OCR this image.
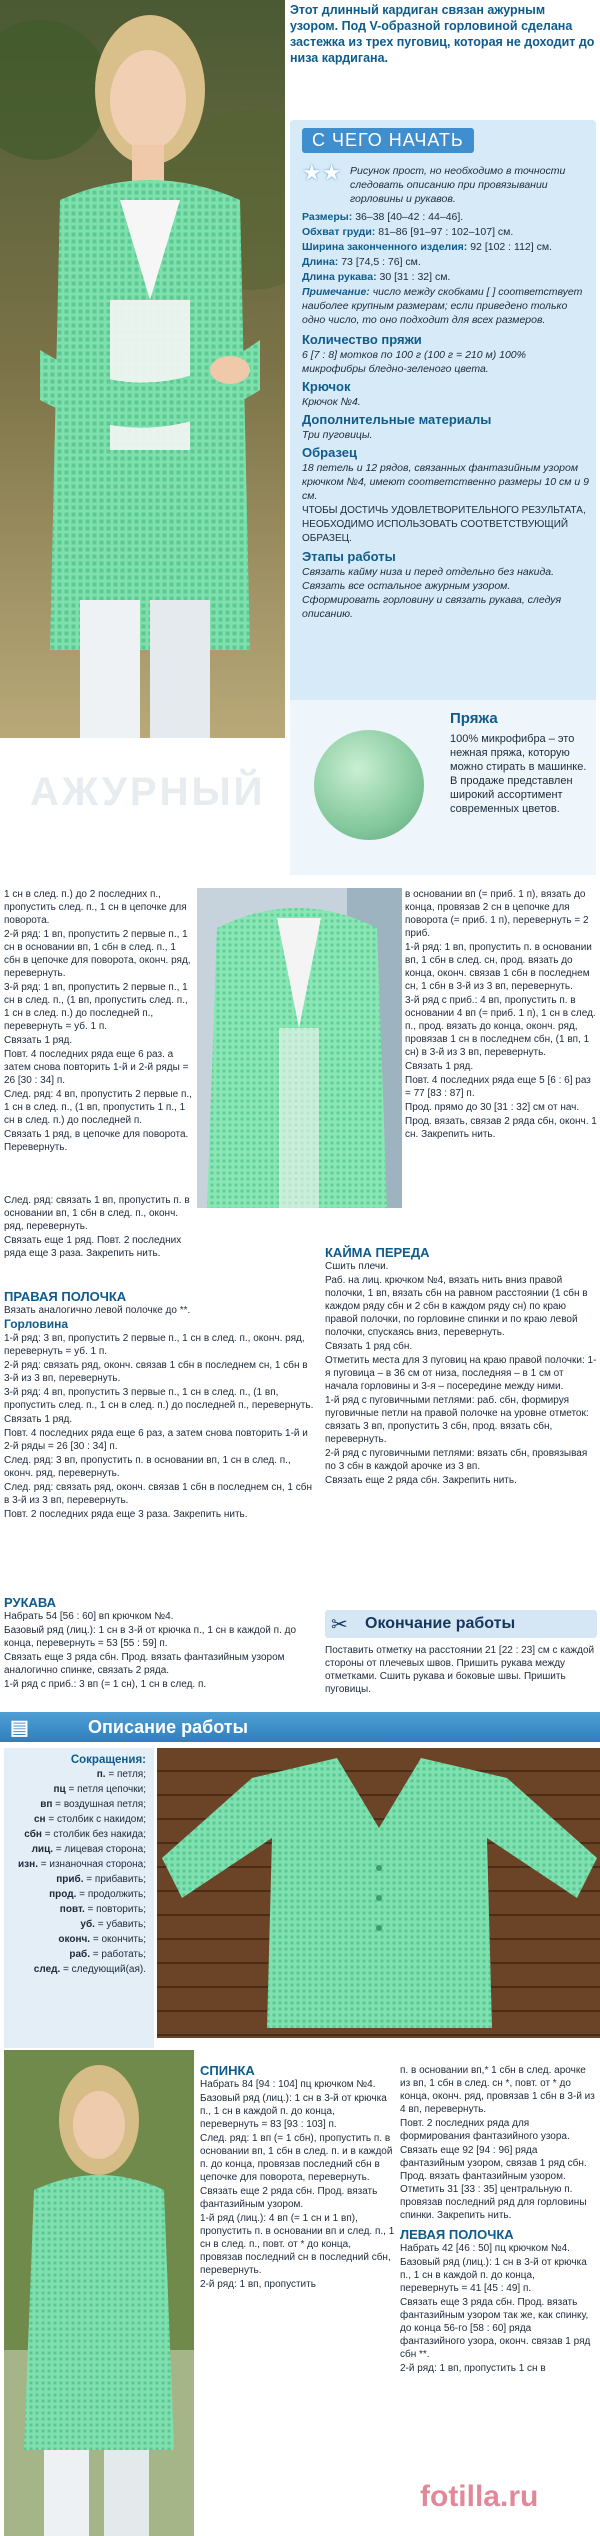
Этот длинный кардиган связан ажурным узором. Под V-образной горловиной сделана застежка из трех пуговиц, которая не доходит до низа кардигана.
С ЧЕГО НАЧАТЬ
★★ Рисунок прост, но необходимо в точности следовать описанию при провязывании горловины и рукавов.

Размеры: 36–38 [40–42 : 44–46].

Обхват груди: 81–86 [91–97 : 102–107] см.

Ширина законченного изделия: 92 [102 : 112] см.

Длина: 73 [74,5 : 76] см.

Длина рукава: 30 [31 : 32] см.

Примечание: число между скобками [ ] соответствует наиболее крупным размерам; если приведено только одно число, то оно подходит для всех размеров.

Количество пряжи

6 [7 : 8] мотков по 100 г (100 г = 210 м) 100% микрофибры бледно-зеленого цвета.

Крючок

Крючок №4.

Дополнительные материалы

Три пуговицы.

Образец

18 петель и 12 рядов, связанных фантазийным узором крючком №4, имеют соответственно размеры 10 см и 9 см.

ЧТОБЫ ДОСТИЧЬ УДОВЛЕТВОРИТЕЛЬНОГО РЕЗУЛЬТАТА, НЕОБХОДИМО ИСПОЛЬЗОВАТЬ СООТВЕТСТВУЮЩИЙ ОБРАЗЕЦ.

Этапы работы

Связать кайму низа и перед отдельно без накида. Связать все остальное ажурным узором. Сформировать горловину и связать рукава, следуя описанию.

Пряжа
100% микрофибра – это нежная пряжа, которую можно стирать в машинке. В продаже представлен широкий ассортимент современных цветов.
АЖУРНЫЙ

1 сн в след. п.) до 2 последних п., пропустить след. п., 1 сн в цепочке для поворота.

2-й ряд: 1 вп, пропустить 2 первые п., 1 сн в основании вп, 1 сбн в след. п., 1 сбн в цепочке для поворота, оконч. ряд, перевернуть.

3-й ряд: 1 вп, пропустить 2 первые п., 1 сн в след. п., (1 вп, пропустить след. п., 1 сн в след. п.) до последней п., перевернуть = уб. 1 п.

Связать 1 ряд.

Повт. 4 последних ряда еще 6 раз. а затем снова повторить 1-й и 2-й ряды = 26 [30 : 34] п.

След. ряд: 4 вп, пропустить 2 первые п., 1 сн в след. п., (1 вп, пропустить 1 п., 1 сн в след. п.) до последней п.

Связать 1 ряд, в цепочке для поворота. Перевернуть.

След. ряд: связать 1 вп, пропустить п. в основании вп, 1 сбн в след. п., оконч. ряд, перевернуть.

Связать еще 1 ряд. Повт. 2 последних ряда еще 3 раза. Закрепить нить.

в основании вп (= приб. 1 п), вязать до конца, провязав 2 сн в цепочке для поворота (= приб. 1 п), перевернуть = 2 приб.

1-й ряд: 1 вп, пропустить п. в основании вп, 1 сбн в след. сн, прод. вязать до конца, оконч. связав 1 сбн в последнем сн, 1 сбн в 3-й из 3 вп, перевернуть.

3-й ряд с приб.: 4 вп, пропустить п. в основании 4 вп (= приб. 1 п), 1 сн в след. п., прод. вязать до конца, оконч. ряд, провязав 1 сн в последнем сбн, (1 вп, 1 сн) в 3-й из 3 вп, перевернуть.

Связать 1 ряд.

Повт. 4 последних ряда еще 5 [6 : 6] раз = 77 [83 : 87] п.

Прод. прямо до 30 [31 : 32] см от нач.

Прод. вязать, связав 2 ряда сбн, оконч. 1 сн. Закрепить нить.

ПРАВАЯ ПОЛОЧКА

Вязать аналогично левой полочке до **.

Горловина

1-й ряд: 3 вп, пропустить 2 первые п., 1 сн в след. п., оконч. ряд, перевернуть = уб. 1 п.

2-й ряд: связать ряд, оконч. связав 1 сбн в последнем сн, 1 сбн в 3-й из 3 вп, перевернуть.

3-й ряд: 4 вп, пропустить 3 первые п., 1 сн в след. п., (1 вп, пропустить след. п., 1 сн в след. п.) до последней п., перевернуть.

Связать 1 ряд.

Повт. 4 последних ряда еще 6 раз, а затем снова повторить 1-й и 2-й ряды = 26 [30 : 34] п.

След. ряд: 3 вп, пропустить п. в основании вп, 1 сн в след. п., оконч. ряд, перевернуть.

След. ряд: связать ряд, оконч. связав 1 сбн в последнем сн, 1 сбн в 3-й из 3 вп, перевернуть.

Повт. 2 последних ряда еще 3 раза. Закрепить нить.

РУКАВА

Набрать 54 [56 : 60] вп крючком №4.

Базовый ряд (лиц.): 1 сн в 3-й от крючка п., 1 сн в каждой п. до конца, перевернуть = 53 [55 : 59] п.

Связать еще 3 ряда сбн. Прод. вязать фантазийным узором аналогично спинке, связать 2 ряда.

1-й ряд с приб.: 3 вп (= 1 сн), 1 сн в след. п.

КАЙМА ПЕРЕДА

Сшить плечи.

Раб. на лиц. крючком №4, вязать нить вниз правой полочки, 1 вп, вязать сбн на равном расстоянии (1 сбн в каждом ряду сбн и 2 сбн в каждом ряду сн) по краю правой полочки, по горловине спинки и по краю левой полочки, спускаясь вниз, перевернуть.

Связать 1 ряд сбн.

Отметить места для 3 пуговиц на краю правой полочки: 1-я пуговица – в 36 см от низа, последняя – в 1 см от начала горловины и 3-я – посередине между ними.

1-й ряд с пуговичными петлями: раб. сбн, формируя пуговичные петли на правой полочке на уровне отметок: связать 3 вп, пропустить 3 сбн, прод. вязать сбн, перевернуть.

2-й ряд с пуговичными петлями: вязать сбн, провязывая по 3 сбн в каждой арочке из 3 вп.

Связать еще 2 ряда сбн. Закрепить нить.

✂ Окончание работы
Поставить отметку на расстоянии 21 [22 : 23] см с каждой стороны от плечевых швов. Пришить рукава между отметками. Сшить рукава и боковые швы. Пришить пуговицы.
▤	Описание работы
Сокращения:

п. = петля;

пц = петля цепочки;

вп = воздушная петля;

сн = столбик с накидом;

сбн = столбик без накида;

лиц. = лицевая сторона;

изн. = изнаночная сторона;

приб. = прибавить;

прод. = продолжить;

повт. = повторить;

уб. = убавить;

оконч. = окончить;

раб. = работать;

след. = следующий(ая).

СПИНКА

Набрать 84 [94 : 104] пц крючком №4.

Базовый ряд (лиц.): 1 сн в 3-й от крючка п., 1 сн в каждой п. до конца, перевернуть = 83 [93 : 103] п.

След. ряд: 1 вп (= 1 сбн), пропустить п. в основании вп, 1 сбн в след. п. и в каждой п. до конца, провязав последний сбн в цепочке для поворота, перевернуть.

Связать еще 2 ряда сбн. Прод. вязать фантазийным узором.

1-й ряд (лиц.): 4 вп (= 1 сн и 1 вп), пропустить п. в основании вп и след. п., 1 сн в след. п., повт. от * до конца, провязав последний сн в последний сбн, перевернуть.

2-й ряд: 1 вп, пропустить

п. в основании вп,* 1 сбн в след. арочке из вп, 1 сбн в след. сн *, повт. от * до конца, оконч. ряд, провязав 1 сбн в 3-й из 4 вп, перевернуть.

Повт. 2 последних ряда для формирования фантазийного узора.

Связать еще 92 [94 : 96] ряда фантазийным узором, связав 1 ряд сбн. Прод. вязать фантазийным узором. Отметить 31 [33 : 35] центральную п. провязав последний ряд для горловины спинки. Закрепить нить.

ЛЕВАЯ ПОЛОЧКА

Набрать 42 [46 : 50] пц крючком №4.

Базовый ряд (лиц.): 1 сн в 3-й от крючка п., 1 сн в каждой п. до конца, перевернуть = 41 [45 : 49] п.

Связать еще 3 ряда сбн. Прод. вязать фантазийным узором так же, как спинку, до конца 56-го [58 : 60] ряда фантазийного узора, оконч. связав 1 ряд сбн **.

2-й ряд: 1 вп, пропустить 1 сн в

fotilla.ru
